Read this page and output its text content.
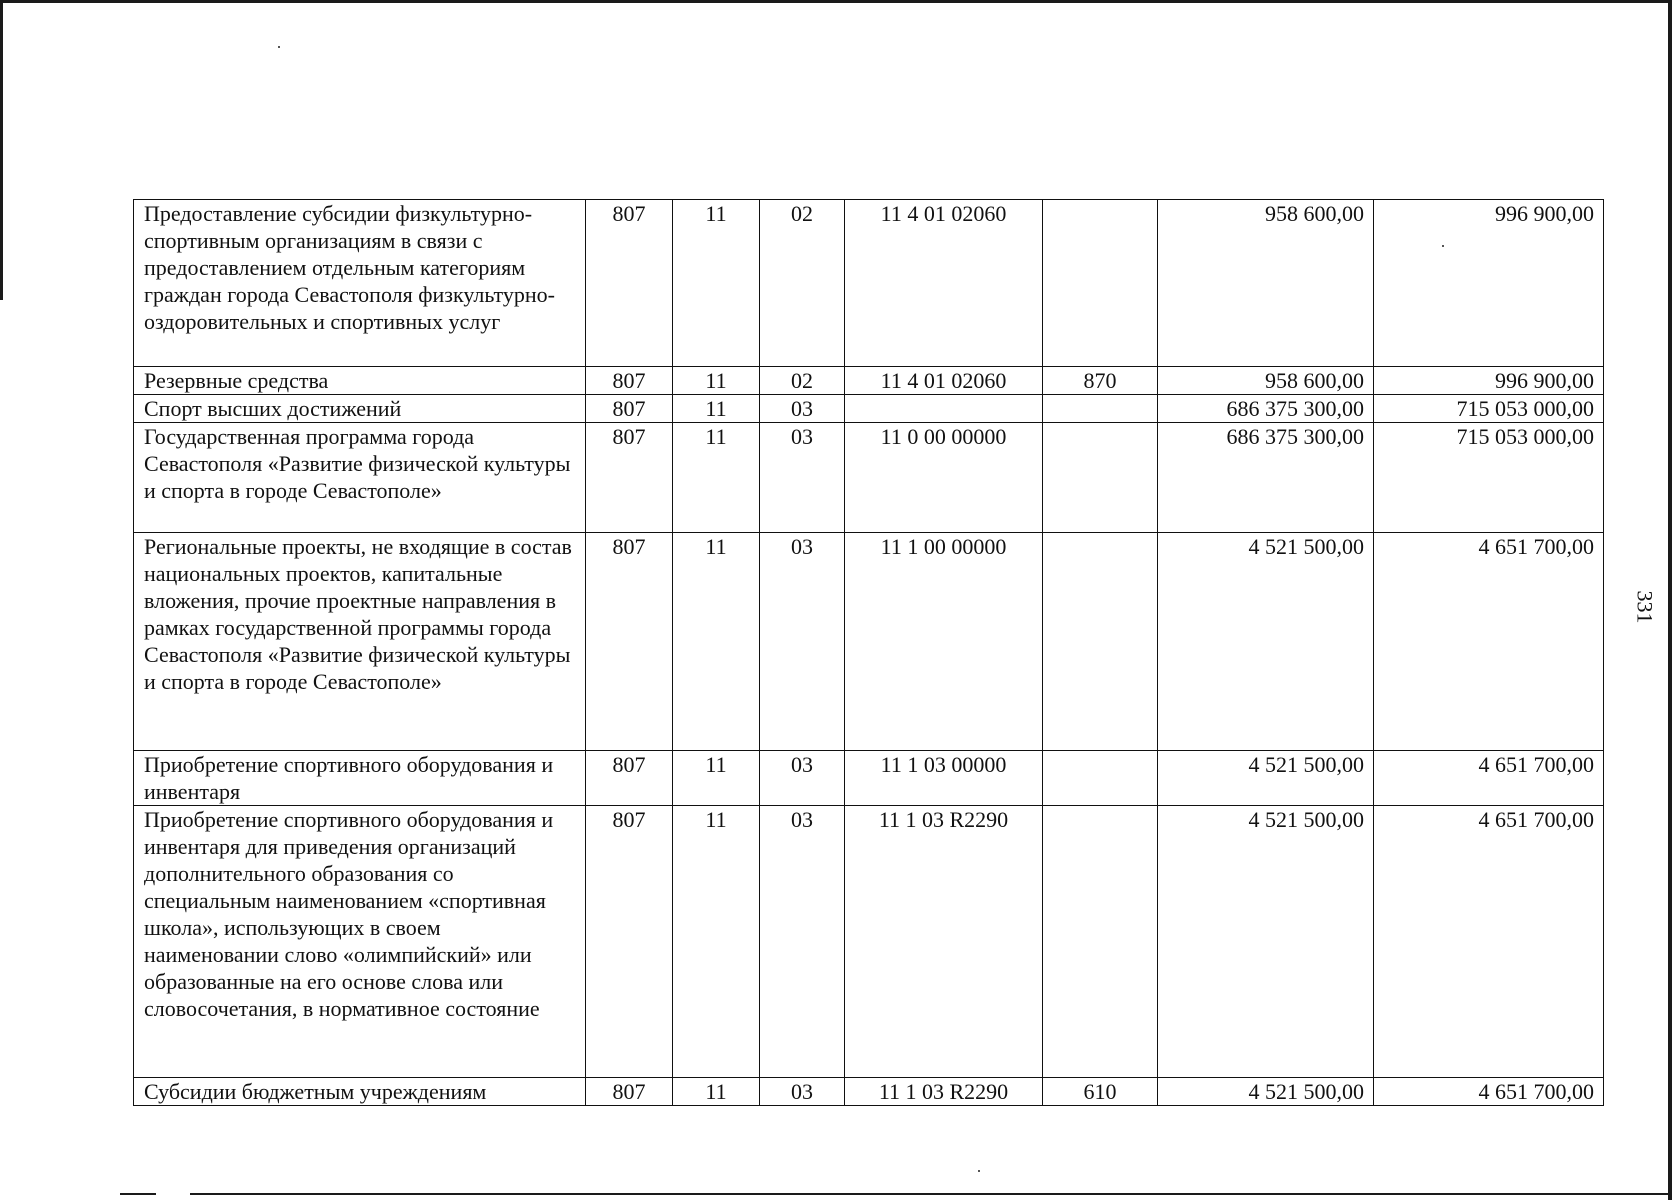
331
Предоставление субсидии физкультурно-спортивным организациям в связи с предоставлением отдельным категориям граждан города Севастополя физкультурно-оздоровительных и спортивных услуг	807	11	02	11 4 01 02060		958 600,00	996 900,00
Резервные средства	807	11	02	11 4 01 02060	870	958 600,00	996 900,00
Спорт высших достижений	807	11	03			686 375 300,00	715 053 000,00
Государственная программа города Севастополя «Развитие физической культуры и спорта в городе Севастополе»	807	11	03	11 0 00 00000		686 375 300,00	715 053 000,00
Региональные проекты, не входящие в состав национальных проектов, капитальные вложения, прочие проектные направления в рамках государственной программы города Севастополя «Развитие физической культуры и спорта в городе Севастополе»	807	11	03	11 1 00 00000		4 521 500,00	4 651 700,00
Приобретение спортивного оборудования и инвентаря	807	11	03	11 1 03 00000		4 521 500,00	4 651 700,00
Приобретение спортивного оборудования и инвентаря для приведения организаций дополнительного образования со специальным наименованием «спортивная школа», использующих в своем наименовании слово «олимпийский» или образованные на его основе слова или словосочетания, в нормативное состояние	807	11	03	11 1 03 R2290		4 521 500,00	4 651 700,00
Субсидии бюджетным учреждениям	807	11	03	11 1 03 R2290	610	4 521 500,00	4 651 700,00
